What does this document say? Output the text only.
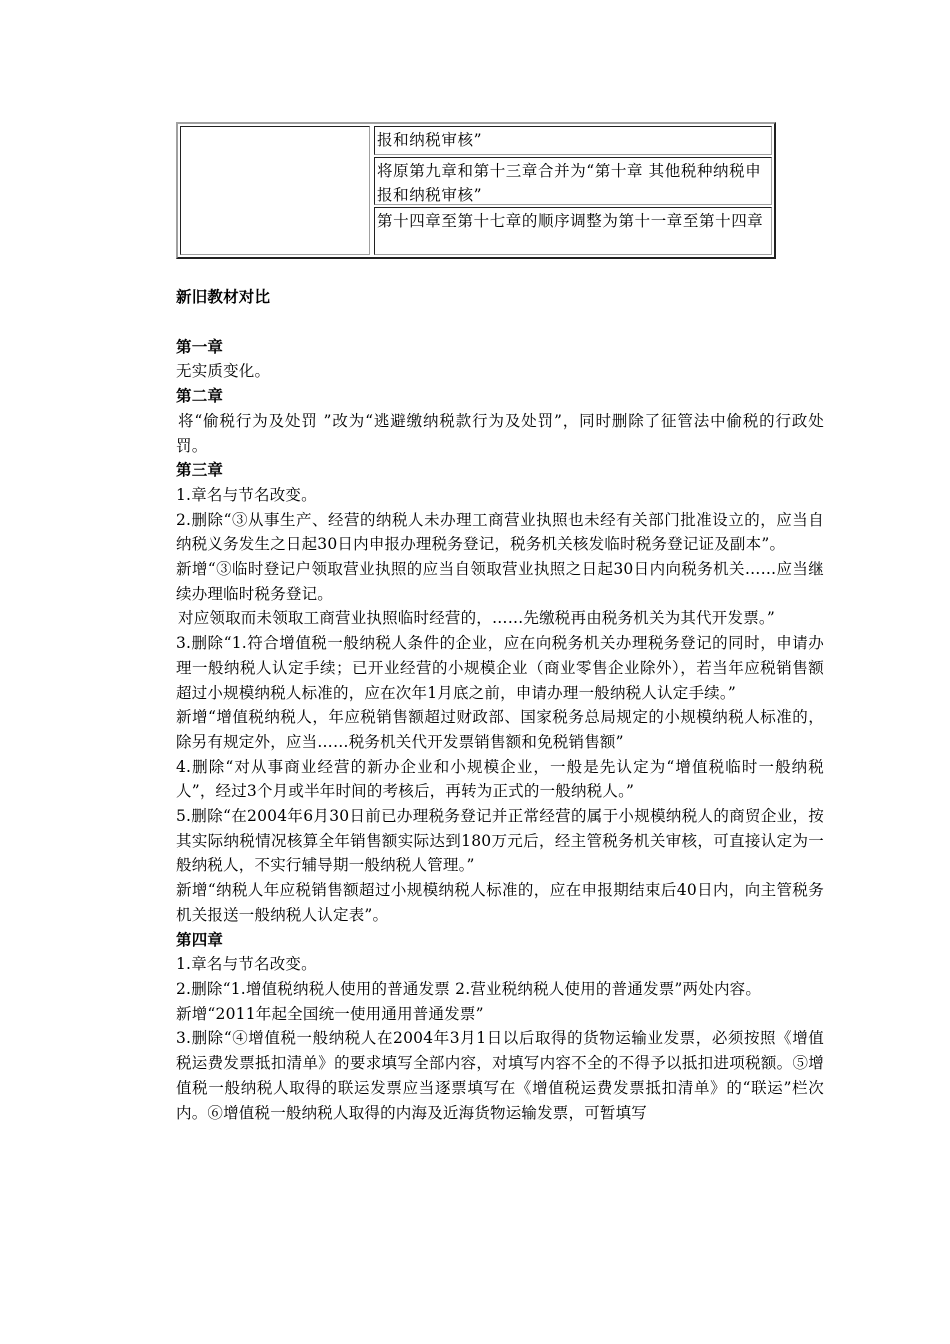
报和纳税审核”
将原第九章和第十三章合并为“第十章 其他税种纳税申报和纳税审核”
第十四章至第十七章的顺序调整为第十一章至第十四章

新旧教材对比

第一章

无实质变化。

第二章

将“偷税行为及处罚 ”改为“逃避缴纳税款行为及处罚”，同时删除了征管法中偷税的行政处罚。

第三章

1.章名与节名改变。

2.删除“③从事生产、经营的纳税人未办理工商营业执照也未经有关部门批准设立的，应当自纳税义务发生之日起30日内申报办理税务登记，税务机关核发临时税务登记证及副本”。

新增“③临时登记户领取营业执照的应当自领取营业执照之日起30日内向税务机关……应当继续办理临时税务登记。

对应领取而未领取工商营业执照临时经营的，……先缴税再由税务机关为其代开发票。”

3.删除“1.符合增值税一般纳税人条件的企业，应在向税务机关办理税务登记的同时，申请办理一般纳税人认定手续；已开业经营的小规模企业（商业零售企业除外），若当年应税销售额超过小规模纳税人标准的，应在次年1月底之前，申请办理一般纳税人认定手续。”

新增“增值税纳税人，年应税销售额超过财政部、国家税务总局规定的小规模纳税人标准的，除另有规定外，应当……税务机关代开发票销售额和免税销售额”

4.删除“对从事商业经营的新办企业和小规模企业，一般是先认定为“增值税临时一般纳税人”，经过3个月或半年时间的考核后，再转为正式的一般纳税人。”

5.删除“在2004年6月30日前已办理税务登记并正常经营的属于小规模纳税人的商贸企业，按其实际纳税情况核算全年销售额实际达到180万元后，经主管税务机关审核，可直接认定为一般纳税人，不实行辅导期一般纳税人管理。”

新增“纳税人年应税销售额超过小规模纳税人标准的，应在申报期结束后40日内，向主管税务机关报送一般纳税人认定表”。

第四章

1.章名与节名改变。

2.删除“1.增值税纳税人使用的普通发票 2.营业税纳税人使用的普通发票”两处内容。

新增“2011年起全国统一使用通用普通发票”

3.删除“④增值税一般纳税人在2004年3月1日以后取得的货物运输业发票，必须按照《增值税运费发票抵扣清单》的要求填写全部内容，对填写内容不全的不得予以抵扣进项税额。⑤增值税一般纳税人取得的联运发票应当逐票填写在《增值税运费发票抵扣清单》的“联运”栏次内。⑥增值税一般纳税人取得的内海及近海货物运输发票，可暂填写
